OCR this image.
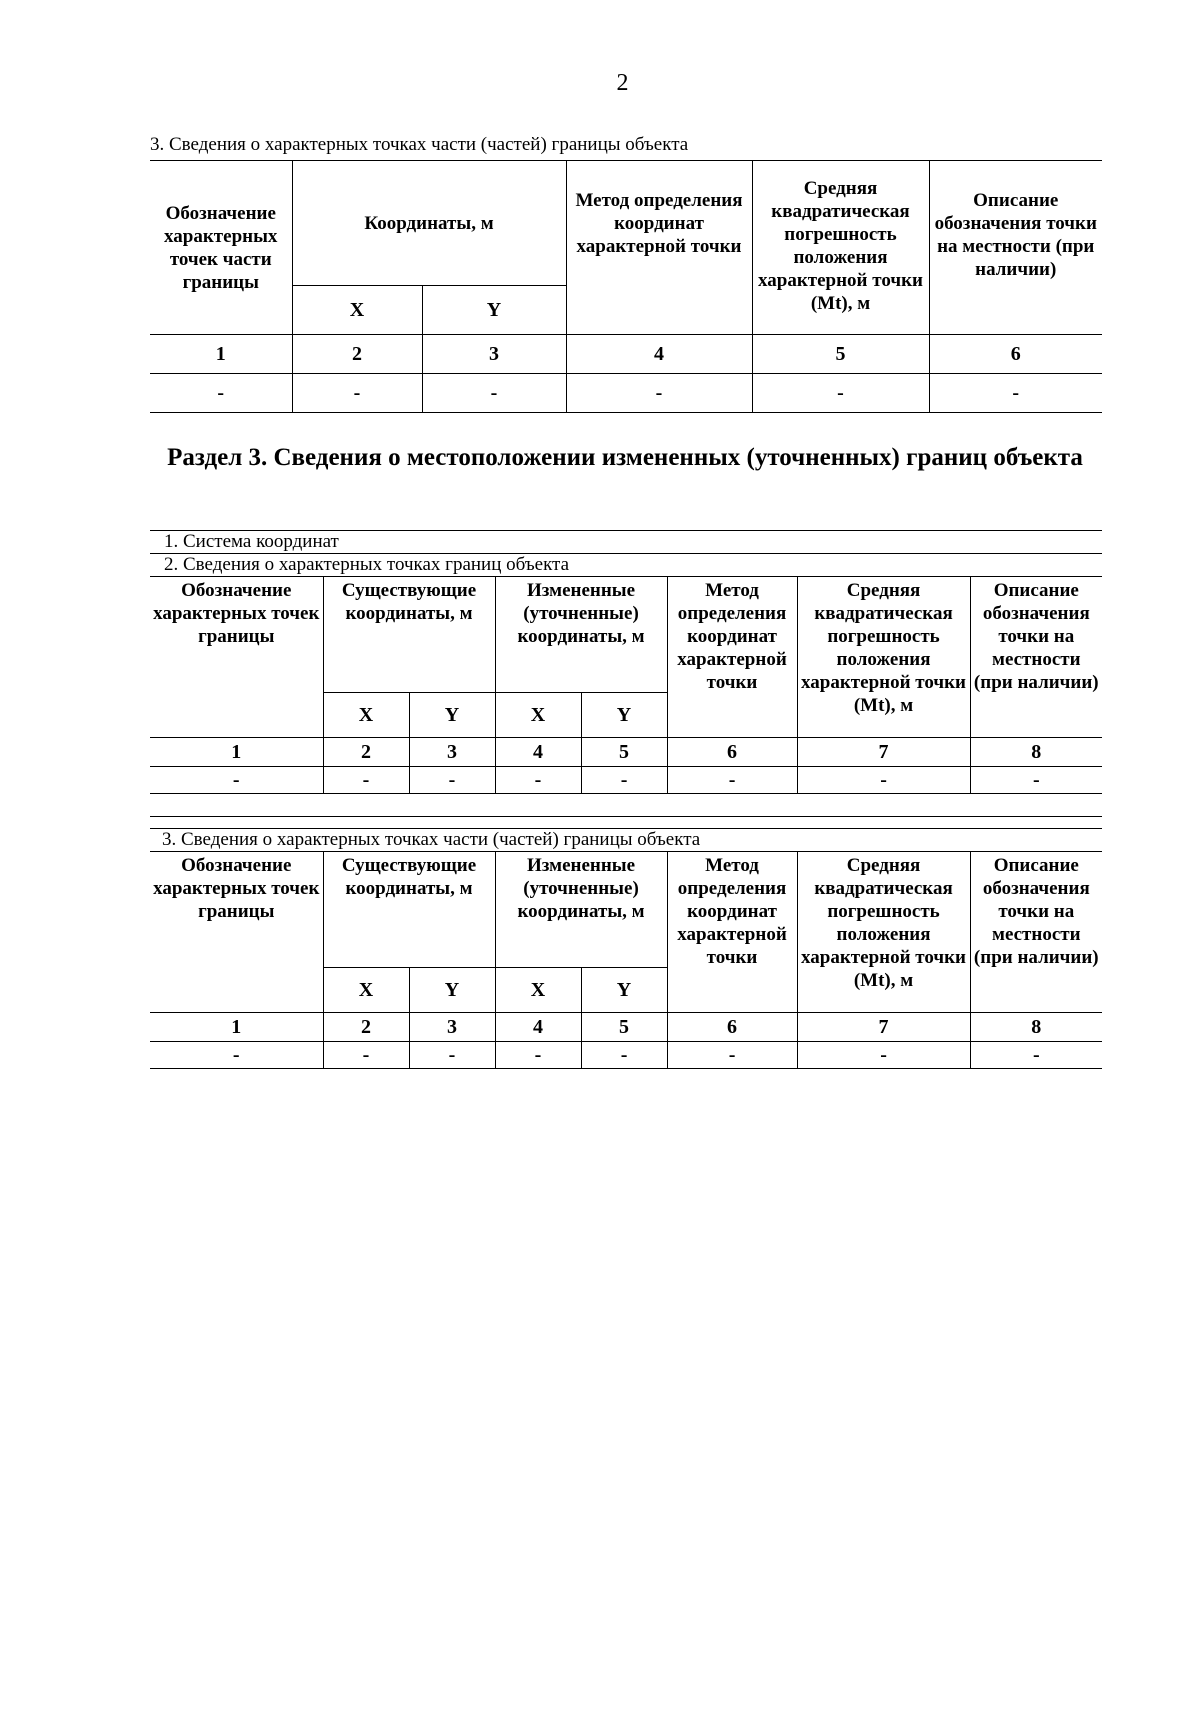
2
3. Сведения о характерных точках части (частей) границы объекта
Обозначение характерных точек части границы	Координаты, м		Метод определения координат характерной точки	Средняя квадратическая погрешность положения характерной точки (Mt), м	Описание обозначения точки на местности (при наличии)
	X	Y			
1	2	3	4	5	6
-	-	-	-	-	-
Раздел 3. Сведения о местоположении измененных (уточненных) границ объекта
1. Система координат
2. Сведения о характерных точках границ объекта
Обозначение характерных точек границы	Существующие координаты, м		Измененные (уточненные) координаты, м		Метод определения координат характерной точки	Средняя квадратическая погрешность положения характерной точки (Mt), м	Описание обозначения точки на местности (при наличии)
	X	Y	X	Y			
1	2	3	4	5	6	7	8
-	-	-	-	-	-	-	-
3. Сведения о характерных точках части (частей) границы объекта
Обозначение характерных точек границы	Существующие координаты, м		Измененные (уточненные) координаты, м		Метод определения координат характерной точки	Средняя квадратическая погрешность положения характерной точки (Mt), м	Описание обозначения точки на местности (при наличии)
	X	Y	X	Y			
1	2	3	4	5	6	7	8
-	-	-	-	-	-	-	-
